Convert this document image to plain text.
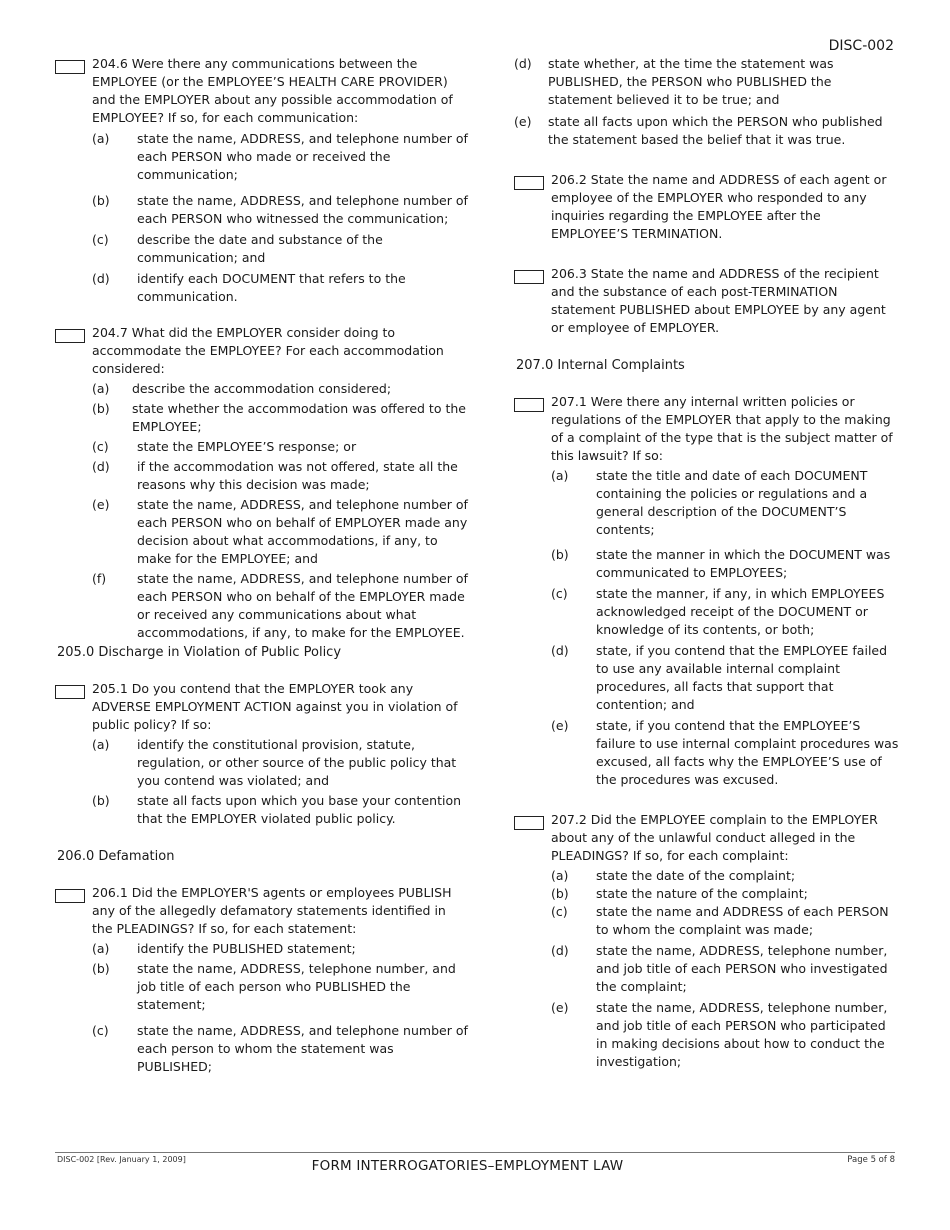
DISC-002
204.6 Were there any communications between the EMPLOYEE (or the EMPLOYEE’S HEALTH CARE PROVIDER) and the EMPLOYER about any possible accommodation of EMPLOYEE? If so, for each communication:
(a)	state the name, ADDRESS, and telephone number of each PERSON who made or received the communication;
(b)	state the name, ADDRESS, and telephone number of each PERSON who witnessed the communication;
(c)	describe the date and substance of the communication; and
(d)	identify each DOCUMENT that refers to the communication.
204.7 What did the EMPLOYER consider doing to accommodate the EMPLOYEE? For each accommodation considered:
(a)	describe the accommodation considered;
(b)	state whether the accommodation was offered to the EMPLOYEE;
(c)	state the EMPLOYEE’S response; or
(d)	if the accommodation was not offered, state all the reasons why this decision was made;
(e)	state the name, ADDRESS, and telephone number of each PERSON who on behalf of EMPLOYER made any decision about what accommodations, if any, to make for the EMPLOYEE; and
(f)	state the name, ADDRESS, and telephone number of each PERSON who on behalf of the EMPLOYER made or received any communications about what accommodations, if any, to make for the EMPLOYEE.
205.0 Discharge in Violation of Public Policy
205.1 Do you contend that the EMPLOYER took any ADVERSE EMPLOYMENT ACTION against you in violation of public policy? If so:
(a)	identify the constitutional provision, statute, regulation, or other source of the public policy that you contend was violated; and
(b)	state all facts upon which you base your contention that the EMPLOYER violated public policy.
206.0 Defamation
206.1 Did the EMPLOYER'S agents or employees PUBLISH any of the allegedly defamatory statements identified in the PLEADINGS? If so, for each statement:
(a)	identify the PUBLISHED statement;
(b)	state the name, ADDRESS, telephone number, and job title of each person who PUBLISHED the statement;
(c)	state the name, ADDRESS, and telephone number of each person to whom the statement was PUBLISHED;
(d)	state whether, at the time the statement was PUBLISHED, the PERSON who PUBLISHED the statement believed it to be true; and
(e)	state all facts upon which the PERSON who published the statement based the belief that it was true.
206.2 State the name and ADDRESS of each agent or employee of the EMPLOYER who responded to any inquiries regarding the EMPLOYEE after the EMPLOYEE’S TERMINATION.
206.3 State the name and ADDRESS of the recipient and the substance of each post-TERMINATION statement PUBLISHED about EMPLOYEE by any agent or employee of EMPLOYER.
207.0 Internal Complaints
207.1 Were there any internal written policies or regulations of the EMPLOYER that apply to the making of a complaint of the type that is the subject matter of this lawsuit? If so:
(a)	state the title and date of each DOCUMENT containing the policies or regulations and a general description of the DOCUMENT’S contents;
(b)	state the manner in which the DOCUMENT was communicated to EMPLOYEES;
(c)	state the manner, if any, in which EMPLOYEES acknowledged receipt of the DOCUMENT or knowledge of its contents, or both;
(d)	state, if you contend that the EMPLOYEE failed to use any available internal complaint procedures, all facts that support that contention; and
(e)	state, if you contend that the EMPLOYEE’S failure to use internal complaint procedures was excused, all facts why the EMPLOYEE’S use of the procedures was excused.
207.2 Did the EMPLOYEE complain to the EMPLOYER about any of the unlawful conduct alleged in the PLEADINGS? If so, for each complaint:
(a)	state the date of the complaint;
(b)	state the nature of the complaint;
(c)	state the name and ADDRESS of each PERSON to whom the complaint was made;
(d)	state the name, ADDRESS, telephone number, and job title of each PERSON who investigated the complaint;
(e)	state the name, ADDRESS, telephone number, and job title of each PERSON who participated in making decisions about how to conduct the investigation;
DISC-002 [Rev. January 1, 2009]	FORM INTERROGATORIES–EMPLOYMENT LAW	Page 5 of 8
